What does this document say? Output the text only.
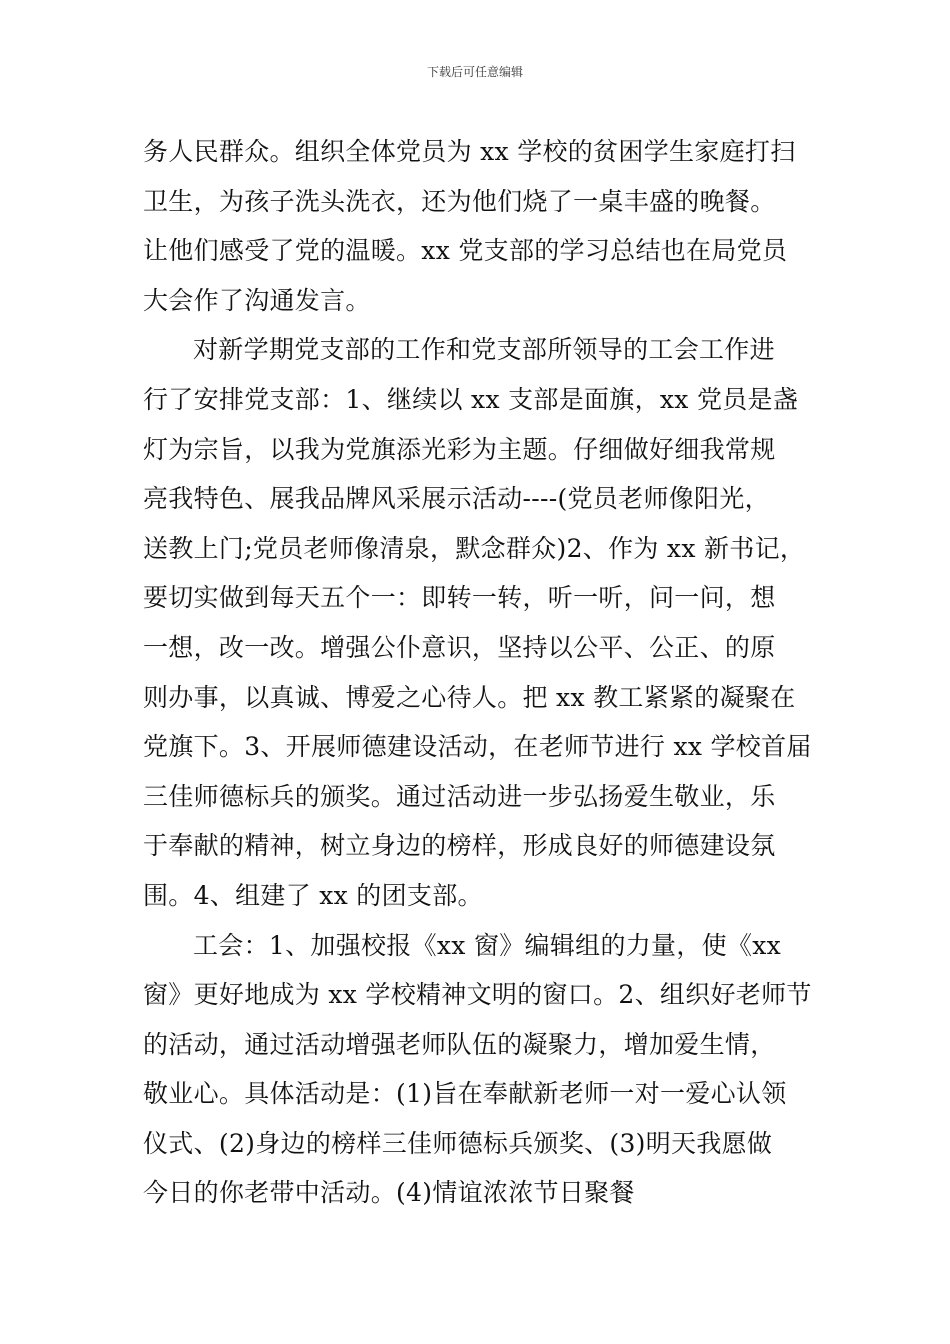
下载后可任意编辑
务人民群众。组织全体党员为 xx 学校的贫困学生家庭打扫
卫生，为孩子洗头洗衣，还为他们烧了一桌丰盛的晚餐。
让他们感受了党的温暖。xx 党支部的学习总结也在局党员
大会作了沟通发言。
对新学期党支部的工作和党支部所领导的工会工作进
行了安排党支部：1、继续以 xx 支部是面旗，xx 党员是盏
灯为宗旨，以我为党旗添光彩为主题。仔细做好细我常规
亮我特色、展我品牌风采展示活动----(党员老师像阳光，
送教上门;党员老师像清泉，默念群众)2、作为 xx 新书记，
要切实做到每天五个一：即转一转，听一听，问一问，想
一想，改一改。增强公仆意识，坚持以公平、公正、的原
则办事，以真诚、博爱之心待人。把 xx 教工紧紧的凝聚在
党旗下。3、开展师德建设活动，在老师节进行 xx 学校首届
三佳师德标兵的颁奖。通过活动进一步弘扬爱生敬业，乐
于奉献的精神，树立身边的榜样，形成良好的师德建设氛
围。4、组建了 xx 的团支部。
工会：1、加强校报《xx 窗》编辑组的力量，使《xx
窗》更好地成为 xx 学校精神文明的窗口。2、组织好老师节
的活动，通过活动增强老师队伍的凝聚力，增加爱生情，
敬业心。具体活动是：(1)旨在奉献新老师一对一爱心认领
仪式、(2)身边的榜样三佳师德标兵颁奖、(3)明天我愿做
今日的你老带中活动。(4)情谊浓浓节日聚餐
